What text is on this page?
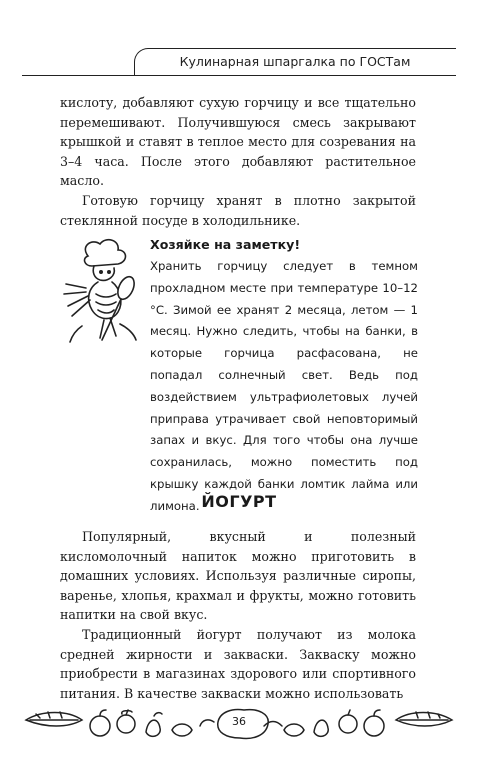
Кулинарная шпаргалка по ГОСТам

кислоту, добавляют сухую горчицу и все тщательно перемешивают. Получившуюся смесь закрывают крышкой и ставят в теплое место для созревания на 3–4 часа. После этого добавляют растительное масло.

Готовую горчицу хранят в плотно закрытой стеклянной посуде в холодильнике.

Хозяйке на заметку!

Хранить горчицу следует в темном прохладном месте при температуре 10–12 °С. Зимой ее хранят 2 месяца, летом — 1 месяц. Нужно следить, чтобы на банки, в которые горчица расфасована, не попадал солнечный свет. Ведь под воздействием ультрафиолетовых лучей приправа утрачивает свой неповторимый запах и вкус. Для того чтобы она лучше сохранилась, можно поместить под крышку каждой банки ломтик лайма или лимона. ЙОГУРТ

Популярный, вкусный и полезный кисломолочный напиток можно приготовить в домашних условиях. Используя различные сиропы, варенье, хлопья, крахмал и фрукты, можно готовить напитки на свой вкус.

Традиционный йогурт получают из молока средней жирности и закваски. Закваску можно приобрести в магазинах здорового или спортивного питания. В качестве закваски можно использовать

36
